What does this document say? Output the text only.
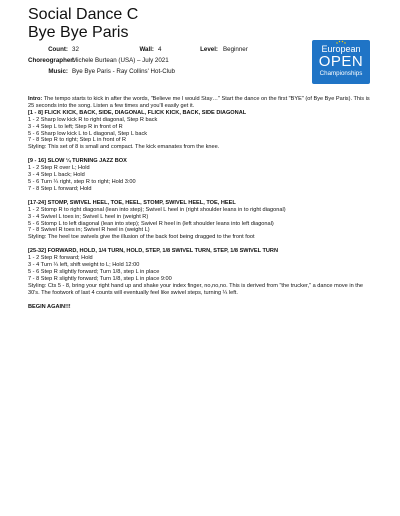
Social Dance C
Bye Bye Paris
Count: 32	Wall: 4	Level: Beginner
Choreographer:
Michele Burtean (USA) – July 2021
Music: Bye Bye Paris - Ray Collins' Hot-Club
European
OPEN
Championships

Intro: The tempo starts to kick in after the words, "Believe me I would Stay…" Start the dance on the first "BYE" (of Bye Bye Paris). This is 25 seconds into the song. Listen a few times and you'll easily get it.

[1 - 8] FLICK KICK, BACK, SIDE, DIAGONAL, FLICK KICK, BACK, SIDE DIAGONAL
1 - 2 Sharp low kick R to right diagonal, Step R back
3 - 4 Step L to left; Step R in front of R
5 - 6 Sharp low kick L to L diagonal, Step L back
7 - 8 Step R to right; Step L in front of R
Styling: This set of 8 is small and compact. The kick emanates from the knee.
[9 - 16] SLOW ¼ TURNING JAZZ BOX
1 - 2 Step R over L; Hold
3 - 4 Step L back; Hold
5 - 6 Turn ¼ right, step R to right; Hold 3:00
7 - 8 Step L forward; Hold
[17-24] STOMP, SWIVEL HEEL, TOE, HEEL, STOMP, SWIVEL HEEL, TOE, HEEL
1 - 2 Stomp R to right diagonal (lean into step); Swivel L heel in (right shoulder leans in to right diagonal)
3 - 4 Swivel L toes in; Swivel L heel in (weight R)
5 - 6 Stomp L to left diagonal (lean into step); Swivel R heel in (left shoulder leans into left diagonal)
7 - 8 Swivel R toes in; Swivel R heel in (weight L)
Styling: The heel toe swivels give the illusion of the back foot being dragged to the front foot
[25-32] FORWARD, HOLD, 1/4 TURN, HOLD, STEP, 1/8 SWIVEL TURN, STEP, 1/8 SWIVEL TURN
1 - 2 Step R forward; Hold
3 - 4 Turn ¼ left, shift weight to L; Hold 12:00
5 - 6 Step R slightly forward; Turn 1/8, step L in place
7 - 8 Step R slightly forward; Turn 1/8, step L in place 9:00
Styling: Cts 5 - 8, bring your right hand up and shake your index finger, no,no,no. This is derived from "the trucker," a dance move in the 30's. The footwork of last 4 counts will eventually feel like swivel steps, turning ¼ left.
BEGIN AGAIN!!!
